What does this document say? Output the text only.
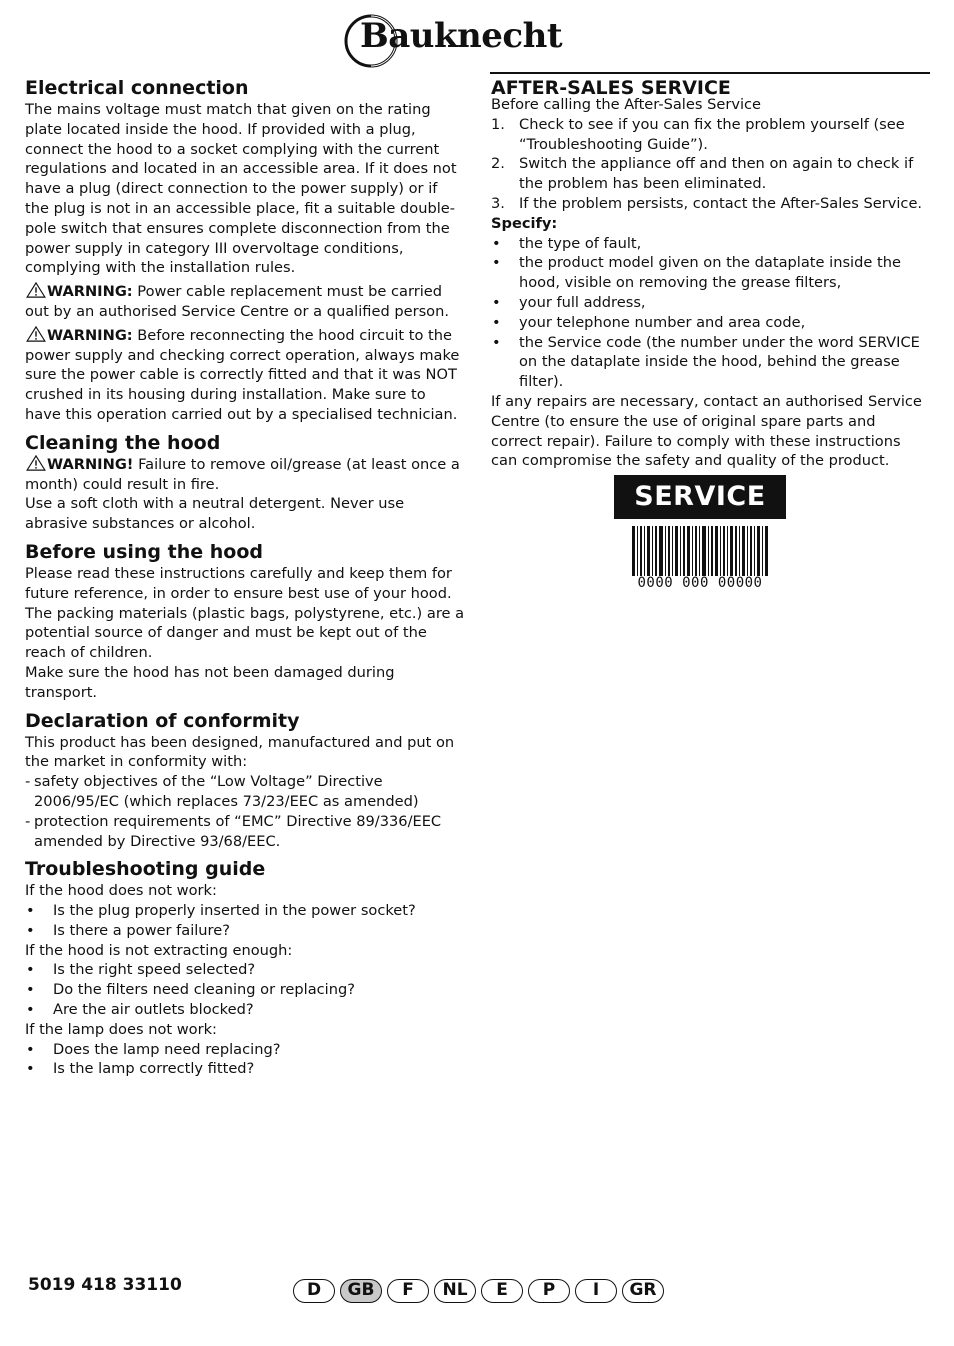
Bauknecht
Electrical connection

The mains voltage must match that given on the rating plate located inside the hood. If provided with a plug, connect the hood to a socket complying with the current regulations and located in an accessible area. If it does not have a plug (direct connection to the power supply) or if the plug is not in an accessible place, fit a suitable double-pole switch that ensures complete disconnection from the power supply in category III overvoltage conditions, complying with the installation rules.

WARNING: Power cable replacement must be carried out by an authorised Service Centre or a qualified person.

WARNING: Before reconnecting the hood circuit to the power supply and checking correct operation, always make sure the power cable is correctly fitted and that it was NOT crushed in its housing during installation. Make sure to have this operation carried out by a specialised technician.

Cleaning the hood

WARNING! Failure to remove oil/grease (at least once a month) could result in fire.

Use a soft cloth with a neutral detergent. Never use abrasive substances or alcohol.

Before using the hood

Please read these instructions carefully and keep them for future reference, in order to ensure best use of your hood.

The packing materials (plastic bags, polystyrene, etc.) are a potential source of danger and must be kept out of the reach of children.

Make sure the hood has not been damaged during transport.

Declaration of conformity

This product has been designed, manufactured and put on the market in conformity with:

- safety objectives of the “Low Voltage” Directive 2006/95/EC (which replaces 73/23/EEC as amended)

- protection requirements of “EMC” Directive 89/336/EEC amended by Directive 93/68/EEC.

Troubleshooting guide

If the hood does not work:

• Is the plug properly inserted in the power socket?
• Is there a power failure?

If the hood is not extracting enough:

• Is the right speed selected?
• Do the filters need cleaning or replacing?
• Are the air outlets blocked?

If the lamp does not work:

• Does the lamp need replacing?
• Is the lamp correctly fitted?
AFTER-SALES SERVICE

Before calling the After-Sales Service

1. Check to see if you can fix the problem yourself (see “Troubleshooting Guide”).
2. Switch the appliance off and then on again to check if the problem has been eliminated.
3. If the problem persists, contact the After-Sales Service.

Specify:

• the type of fault,
• the product model given on the dataplate inside the hood, visible on removing the grease filters,
• your full address,
• your telephone number and area code,
• the Service code (the number under the word SERVICE on the dataplate inside the hood, behind the grease filter).

If any repairs are necessary, contact an authorised Service Centre (to ensure the use of original spare parts and correct repair). Failure to comply with these instructions can compromise the safety and quality of the product.

SERVICE
0000 000 00000
5019 418 33110	D	GB	F	NL	E	P	I	GR
